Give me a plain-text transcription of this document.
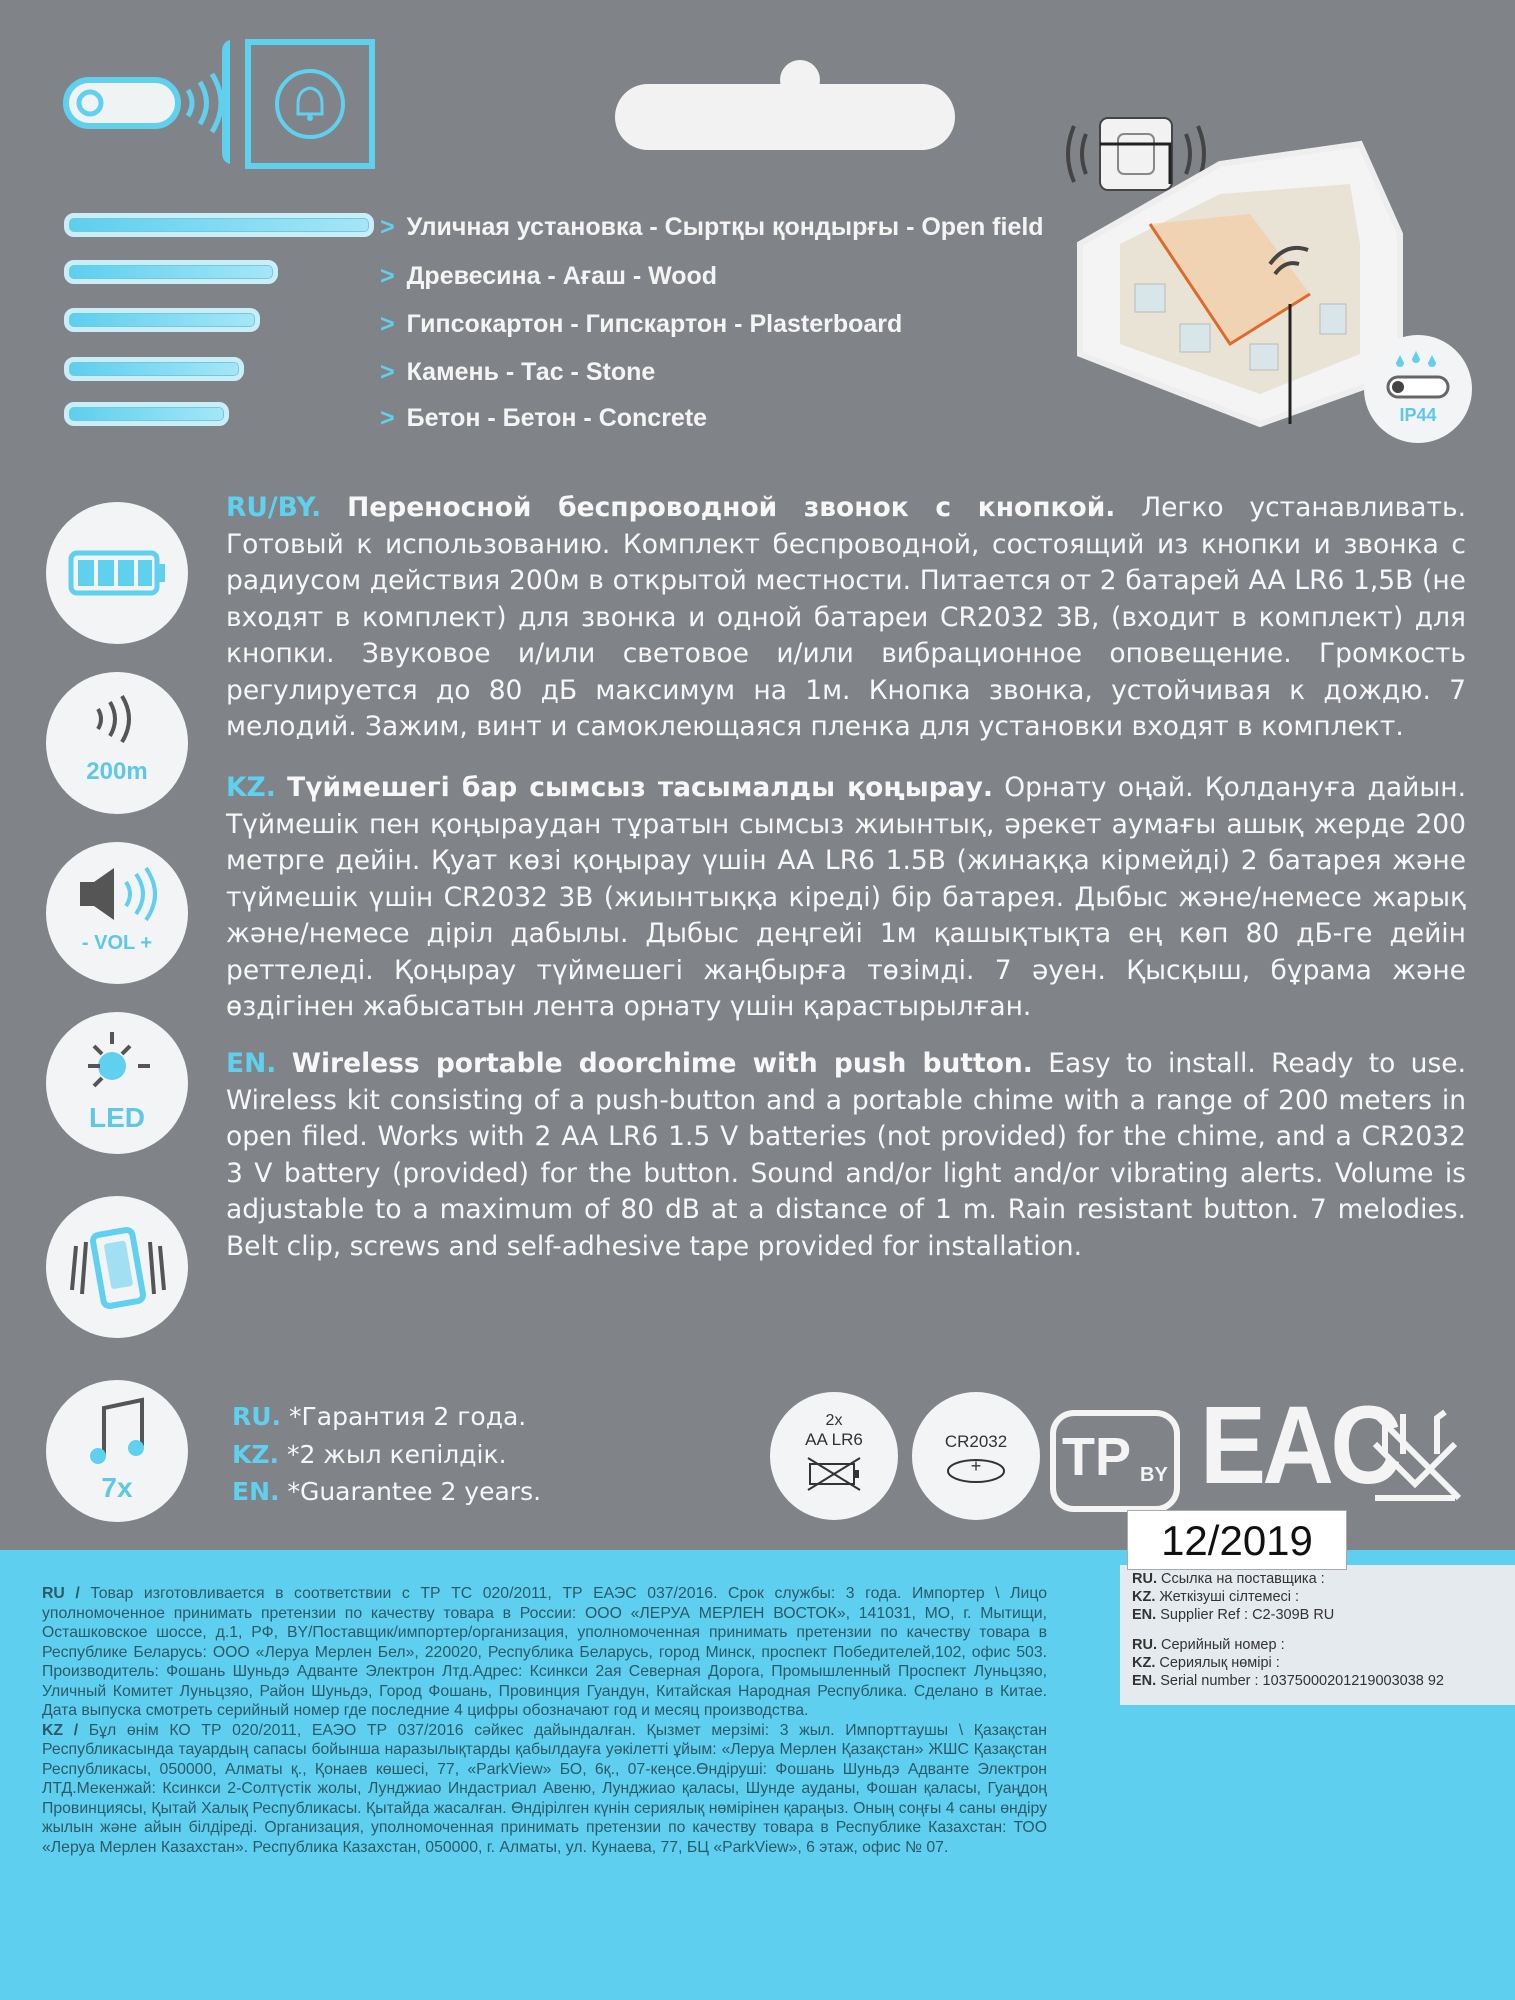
> Уличная установка - Сыртқы қондырғы - Open field
> Древесина - Ағаш - Wood
> Гипсокартон - Гипскартон - Plasterboard
> Камень - Тас - Stone
> Бетон - Бетон - Concrete	IP44
200m
- VOL +
LED
7x
RU/BY. Переносной беспроводной звонок с кнопкой. Легко устанавливать. Готовый к использованию. Комплект беспроводной, состоящий из кнопки и звонка с радиусом действия 200м в открытой местности. Питается от 2 батарей AA LR6 1,5В (не входят в комплект) для звонка и одной батареи CR2032 3В, (входит в комплект) для кнопки. Звуковое и/или световое и/или вибрационное оповещение. Громкость регулируется до 80 дБ максимум на 1м. Кнопка звонка, устойчивая к дождю. 7 мелодий. Зажим, винт и самоклеющаяся пленка для установки входят в комплект.
KZ. Түймешегі бар сымсыз тасымалды қоңырау. Орнату оңай. Қолдануға дайын. Түймешік пен қоңыраудан тұратын сымсыз жиынтық, әрекет аумағы ашық жерде 200 метрге дейін. Қуат көзі қоңырау үшін AA LR6 1.5В (жинаққа кірмейді) 2 батарея және түймешік үшін CR2032 3В (жиынтыққа кіреді) бір батарея. Дыбыс және/немесе жарық және/немесе діріл дабылы. Дыбыс деңгейі 1м қашықтықта ең көп 80 дБ-ге дейін реттеледі. Қоңырау түймешегі жаңбырға төзімді. 7 әуен. Қысқыш, бұрама және өздігінен жабысатын лента орнату үшін қарастырылған.
EN. Wireless portable doorchime with push button. Easy to install. Ready to use. Wireless kit consisting of a push-button and a portable chime with a range of 200 meters in open filed. Works with 2 AA LR6 1.5 V batteries (not provided) for the chime, and a CR2032 3 V battery (provided) for the button. Sound and/or light and/or vibrating alerts. Volume is adjustable to a maximum of 80 dB at a distance of 1 m. Rain resistant button. 7 melodies. Belt clip, screws and self-adhesive tape provided for installation.
RU. *Гарантия 2 года.
KZ. *2 жыл кепілдік.
EN. *Guarantee 2 years.
2x
AA LR6	CR2032
+	TP BY EAC
RU / Товар изготовливается в соответствии с ТР ТС 020/2011, ТР ЕАЭС 037/2016. Срок службы: 3 года. Импортер \ Лицо уполномоченное принимать претензии по качеству товара в России: ООО «ЛЕРУА МЕРЛЕН ВОСТОК», 141031, МО, г. Мытищи, Осташковское шоссе, д.1, РФ, BY/Поставщик/импортер/организация, уполномоченная принимать претензии по качеству товара в Республике Беларусь: ООО «Леруа Мерлен Бел», 220020, Республика Беларусь, город Минск, проспект Победителей,102, офис 503. Производитель: Фошань Шуньдэ Адванте Электрон Лтд.Адрес: Ксинкси 2ая Северная Дорога, Промышленный Проспект Луньцзяо, Уличный Комитет Луньцзяо, Район Шуньдэ, Город Фошань, Провинция Гуандун, Китайская Народная Республика. Сделано в Китае. Дата выпуска смотреть серийный номер где последние 4 цифры обозначают год и месяц производства.
KZ / Бұл өнім КО ТР 020/2011, ЕАЭО ТР 037/2016 сәйкес дайындалған. Қызмет мерзімі: 3 жыл. Импорттаушы \ Қазақстан Республикасында тауардың сапасы бойынша наразылықтарды қабылдауға уәкілетті ұйым: «Леруа Мерлен Қазақстан» ЖШС Қазақстан Республикасы, 050000, Алматы қ., Қонаев көшесі, 77, «ParkView» БО, 6қ., 07-кеңсе.Өндіруші: Фошань Шуньдэ Адванте Электрон ЛТД.Мекенжай: Ксинкси 2-Солтүстік жолы, Лунджиао Индастриал Авеню, Лунджиао қаласы, Шунде ауданы, Фошан қаласы, Гуаңдоң Провинциясы, Қытай Халық Республикасы. Қытайда жасалған. Өндірілген күнін сериялық нөмірінен қараңыз. Оның соңғы 4 саны өндіру жылын және айын білдіреді. Организация, уполномоченная принимать претензии по качеству товара в Республике Казахстан: ТОО «Леруа Мерлен Казахстан». Республика Казахстан, 050000, г. Алматы, ул. Кунаева, 77, БЦ «ParkView», 6 этаж, офис № 07.
RU. Ссылка на поставщика :
KZ. Жеткізуші сілтемесі :
EN. Supplier Ref : C2-309B RU
RU. Серийный номер :
KZ. Сериялық нөмірі :
EN. Serial number : 10375000201219003038 92
12/2019
